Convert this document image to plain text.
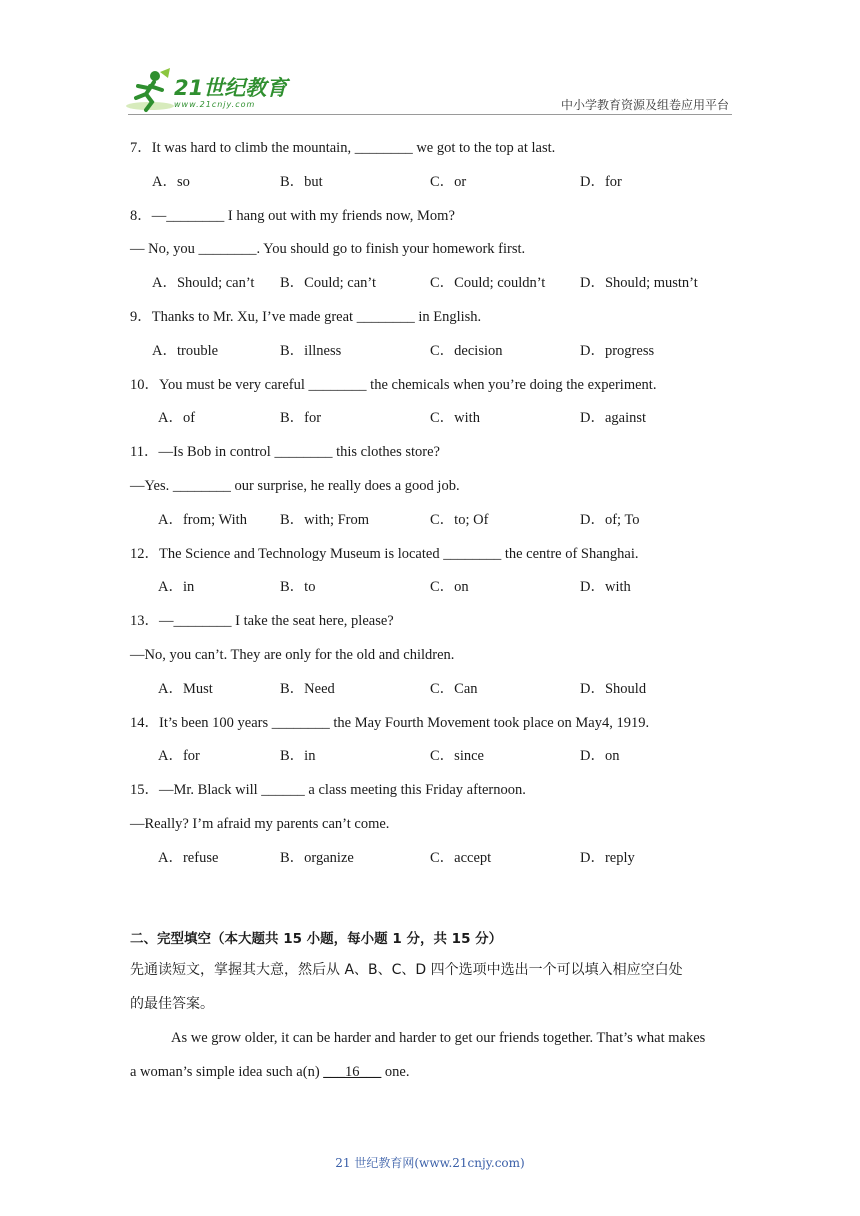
21世纪教育
www.21cnjy.com	中小学教育资源及组卷应用平台
7．It was hard to climb the mountain, ________ we got to the top at last.
A．so	B．but	C．or	D．for
8．—________ I hang out with my friends now, Mom?
— No, you ________. You should go to finish your homework first.
A．Should; can’t B．Could; can’t	C．Could; couldn’t D．Should; mustn’t
9．Thanks to Mr. Xu, I’ve made great ________ in English.
A．trouble	B．illness	C．decision	D．progress
10．You must be very careful ________ the chemicals when you’re doing the experiment.
A．of	B．for	C．with	D．against
11．—Is Bob in control ________ this clothes store?
—Yes. ________ our surprise, he really does a good job.
A．from; With B．with; From	C．to; Of	D．of; To
12．The Science and Technology Museum is located ________ the centre of Shanghai.
A．in	B．to	C．on	D．with
13．—________ I take the seat here, please?
—No, you can’t. They are only for the old and children.
A．Must	B．Need	C．Can	D．Should
14．It’s been 100 years ________ the May Fourth Movement took place on May4, 1919.
A．for	B．in	C．since	D．on
15．—Mr. Black will ______ a class meeting this Friday afternoon.
—Really? I’m afraid my parents can’t come.
A．refuse	B．organize	C．accept	D．reply
二、完型填空（本大题共 15 小题，每小题 1 分，共 15 分）
先通读短文，掌握其大意，然后从 A、B、C、D 四个选项中选出一个可以填入相应空白处
的最佳答案。
As we grow older, it can be harder and harder to get our friends together. That’s what makes
a woman’s simple idea such a(n) ___16___ one.
21 世纪教育网(www.21cnjy.com)
